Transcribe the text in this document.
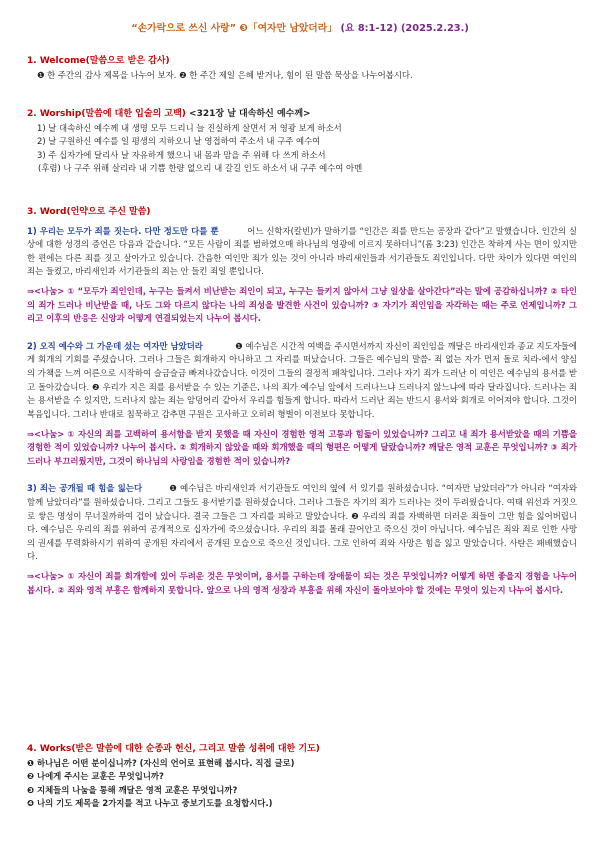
“손가락으로 쓰신 사랑” ❸「여자만 남았더라」 (요 8:1-12) (2025.2.23.)
1. Welcome(말씀으로 받은 감사)
❶ 한 주간의 감사 제목을 나누어 보자. ❷ 한 주간 제일 은혜 받거나, 힘이 된 말씀 묵상을 나누어봅시다.
2. Worship(말씀에 대한 입술의 고백) <321장 날 대속하신 예수께>
1) 날 대속하신 예수께 내 생명 모두 드리니 늘 진실하게 살면서 저 영광 보게 하소서
2) 날 구원하신 예수를 일 평생의 지하오니 날 영접하여 주소서 내 구주 예수여
3) 주 십자가에 달리사 날 자유하게 했으니 내 몸과 맘을 주 위해 다 쓰게 하소서
(후렴) 나 구주 위해 살리라 내 기쁨 한량 없으리 내 갈길 인도 하소서 내 구주 예수여 아멘
3. Word(언약으로 주신 말씀)
1) 우리는 모두가 죄를 짓는다. 다만 정도만 다를 뿐	어느 신학자(칼빈)가 말하기를 “인간은 죄를 만드는 공장과 같다”고 말했습니다. 인간의 실상에 대한 성경의 증언은 다음과 같습니다. “모든 사람이 죄를 범하였으매 하나님의 영광에 이르지 못하더니”(롬 3:23) 인간은 착하게 사는 면이 있지만 한 편에는 다른 죄를 짓고 살아가고 있습니다. 간음한 여인만 죄가 있는 것이 아니라 바리새인들과 서기관들도 죄인입니다. 다만 차이가 있다면 여인의 죄는 들켰고, 바리새인과 서기관들의 죄는 안 들킨 죄일 뿐입니다.
⇒<나눔> ① “모두가 죄인인데, 누구는 들켜서 비난받는 죄인이 되고, 누구는 들키지 않아서 그냥 일상을 살아간다”라는 말에 공감하십니까? ② 타인의 죄가 드러나 비난받을 때, 나도 그와 다르지 않다는 나의 죄성을 발견한 사건이 있습니까? ③ 자기가 죄인임을 자각하는 때는 주로 언제입니까? 그리고 이후의 반응은 신앙과 어떻게 연결되었는지 나누어 봅시다.
2) 오직 예수와 그 가운데 섰는 여자만 남았더라	❶ 예수님은 시간적 여백을 주시면서까지 자신이 죄인임을 깨달은 바리새인과 종교 지도자들에게 회개의 기회를 주셨습니다. 그러나 그들은 회개하지 아니하고 그 자리를 떠났습니다. 그들은 예수님의 말씀- 죄 없는 자가 먼저 돌로 치라-에서 양심의 가책을 느껴 어른으로 시작하여 슬금슬금 빠져나갔습니다. 이것이 그들의 결정적 패착입니다. 그러나 자기 죄가 드러난 이 여인은 예수님의 용서를 받고 돌아갔습니다. ❷ 우리가 지은 죄를 용서받을 수 있는 기준은, 나의 죄가 예수님 앞에서 드러나느냐 드러나지 않느냐에 따라 달라집니다. 드러나는 죄는 용서받을 수 있지만, 드러나지 않는 죄는 암덩어리 같아서 우리를 힘들게 합니다. 따라서 드러난 죄는 반드시 용서와 회개로 이어져야 합니다. 그것이 복음입니다. 그러나 반대로 침묵하고 감추면 구원은 고사하고 오히려 형벌이 이전보다 못합니다.
⇒<나눔> ① 자신의 죄를 고백하여 용서함을 받지 못했을 때 자신이 경험한 영적 고통과 힘듦이 있었습니까? 그리고 내 죄가 용서받았을 때의 기쁨을 경험한 적이 있었습니까? 나누어 봅시다. ② 회개하지 않았을 때와 회개했을 때의 형편은 어떻게 달랐습니까? 깨달은 영적 교훈은 무엇입니까? ③ 죄가 드러나 부끄러웠지만, 그것이 하나님의 사랑임을 경험한 적이 있습니까?
3) 죄는 공개될 때 힘을 잃는다	❶ 예수님은 바리새인과 서기관들도 여인의 옆에 서 있기를 원하셨습니다. “여자만 남았더라”가 아니라 “여자와 함께 남았더라”를 원하셨습니다. 그리고 그들도 용서받기를 원하셨습니다. 그러나 그들은 자기의 죄가 드러나는 것이 두려웠습니다. 여태 위선과 거짓으로 쌓은 명성이 무너질까하여 겁이 났습니다. 결국 그들은 그 자리를 피하고 말았습니다. ❷ 우리의 죄를 자백하면 더러운 죄들이 그만 힘을 잃어버립니다. 예수님은 우리의 죄를 위하여 공개적으로 십자가에 죽으셨습니다. 우리의 죄를 몰래 끌어안고 죽으신 것이 아닙니다. 예수님은 죄와 죄로 인한 사망의 권세를 무력화하시기 위하여 공개된 자리에서 공개된 모습으로 죽으신 것입니다. 그로 인하여 죄와 사망은 힘을 잃고 말았습니다. 사탄은 패배했습니다.
⇒<나눔> ① 자신이 죄를 회개함에 있어 두려운 것은 무엇이며, 용서를 구하는데 장애물이 되는 것은 무엇입니까? 어떻게 하면 좋을지 경험을 나누어 봅시다. ② 죄와 영적 부흥은 함께하지 못합니다. 앞으로 나의 영적 성장과 부흥을 위해 자신이 돌아보아야 할 것에는 무엇이 있는지 나누어 봅시다.
4. Works(받은 말씀에 대한 순종과 헌신, 그리고 말씀 성취에 대한 기도)
❶ 하나님은 어떤 분이십니까? (자신의 언어로 표현해 봅시다. 직접 글로)
❷ 나에게 주시는 교훈은 무엇입니까?
❸ 지체들의 나눔을 통해 깨달은 영적 교훈은 무엇입니까?
❹ 나의 기도 제목을 2가지를 적고 나누고 중보기도를 요청합시다.)
